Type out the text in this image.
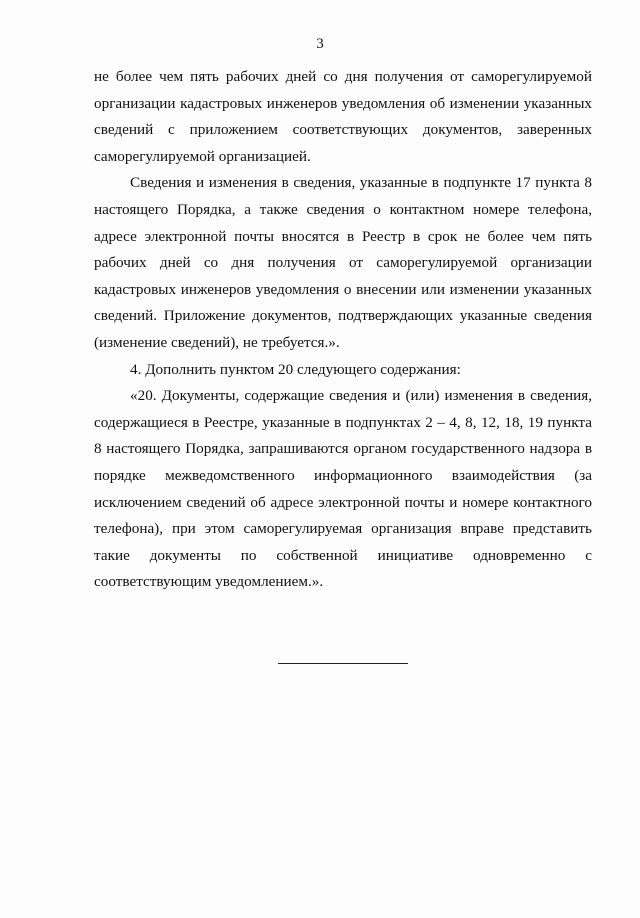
3

не более чем пять рабочих дней со дня получения от саморегулируемой организации кадастровых инженеров уведомления об изменении указанных сведений с приложением соответствующих документов, заверенных саморегулируемой организацией.

Сведения и изменения в сведения, указанные в подпункте 17 пункта 8 настоящего Порядка, а также сведения о контактном номере телефона, адресе электронной почты вносятся в Реестр в срок не более чем пять рабочих дней со дня получения от саморегулируемой организации кадастровых инженеров уведомления о внесении или изменении указанных сведений. Приложение документов, подтверждающих указанные сведения (изменение сведений), не требуется.».

4. Дополнить пунктом 20 следующего содержания:

«20. Документы, содержащие сведения и (или) изменения в сведения, содержащиеся в Реестре, указанные в подпунктах 2 – 4, 8, 12, 18, 19 пункта 8 настоящего Порядка, запрашиваются органом государственного надзора в порядке межведомственного информационного взаимодействия (за исключением сведений об адресе электронной почты и номере контактного телефона), при этом саморегулируемая организация вправе представить такие документы по собственной инициативе одновременно с соответствующим уведомлением.».
